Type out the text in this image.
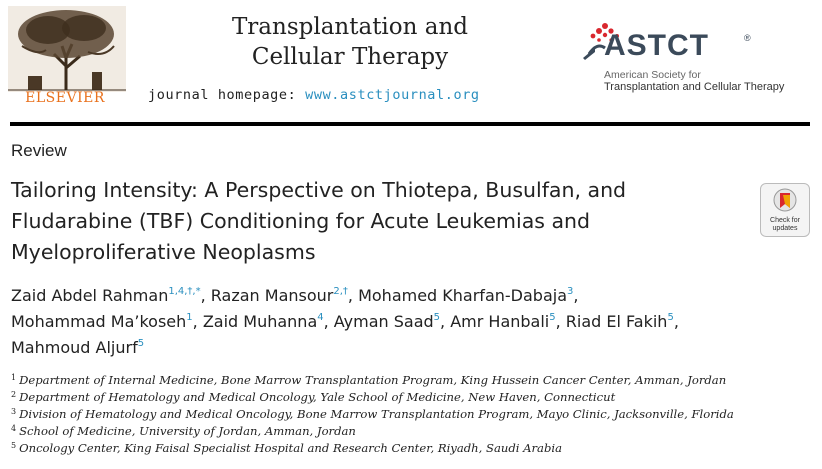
ELSEVIER
Transplantation and
Cellular Therapy
journal homepage: www.astctjournal.org
ASTCT	®
American Society for
Transplantation and Cellular Therapy
Review
Tailoring Intensity: A Perspective on Thiotepa, Busulfan, and
Fludarabine (TBF) Conditioning for Acute Leukemias and
Myeloproliferative Neoplasms
Check for
updates
Zaid Abdel Rahman$^{1,4,\dagger,*}$, Razan Mansour$^{2,\dagger}$, Mohamed Kharfan-Dabaja$^3$,
Mohammad Ma’koseh$^1$, Zaid Muhanna$^4$, Ayman Saad$^5$, Amr Hanbali$^5$, Riad El Fakih$^5$,
Mahmoud Aljurf$^5$
$^1$ Department of Internal Medicine, Bone Marrow Transplantation Program, King Hussein Cancer Center, Amman, Jordan
$^2$ Department of Hematology and Medical Oncology, Yale School of Medicine, New Haven, Connecticut
$^3$ Division of Hematology and Medical Oncology, Bone Marrow Transplantation Program, Mayo Clinic, Jacksonville, Florida
$^4$ School of Medicine, University of Jordan, Amman, Jordan
$^5$ Oncology Center, King Faisal Specialist Hospital and Research Center, Riyadh, Saudi Arabia
